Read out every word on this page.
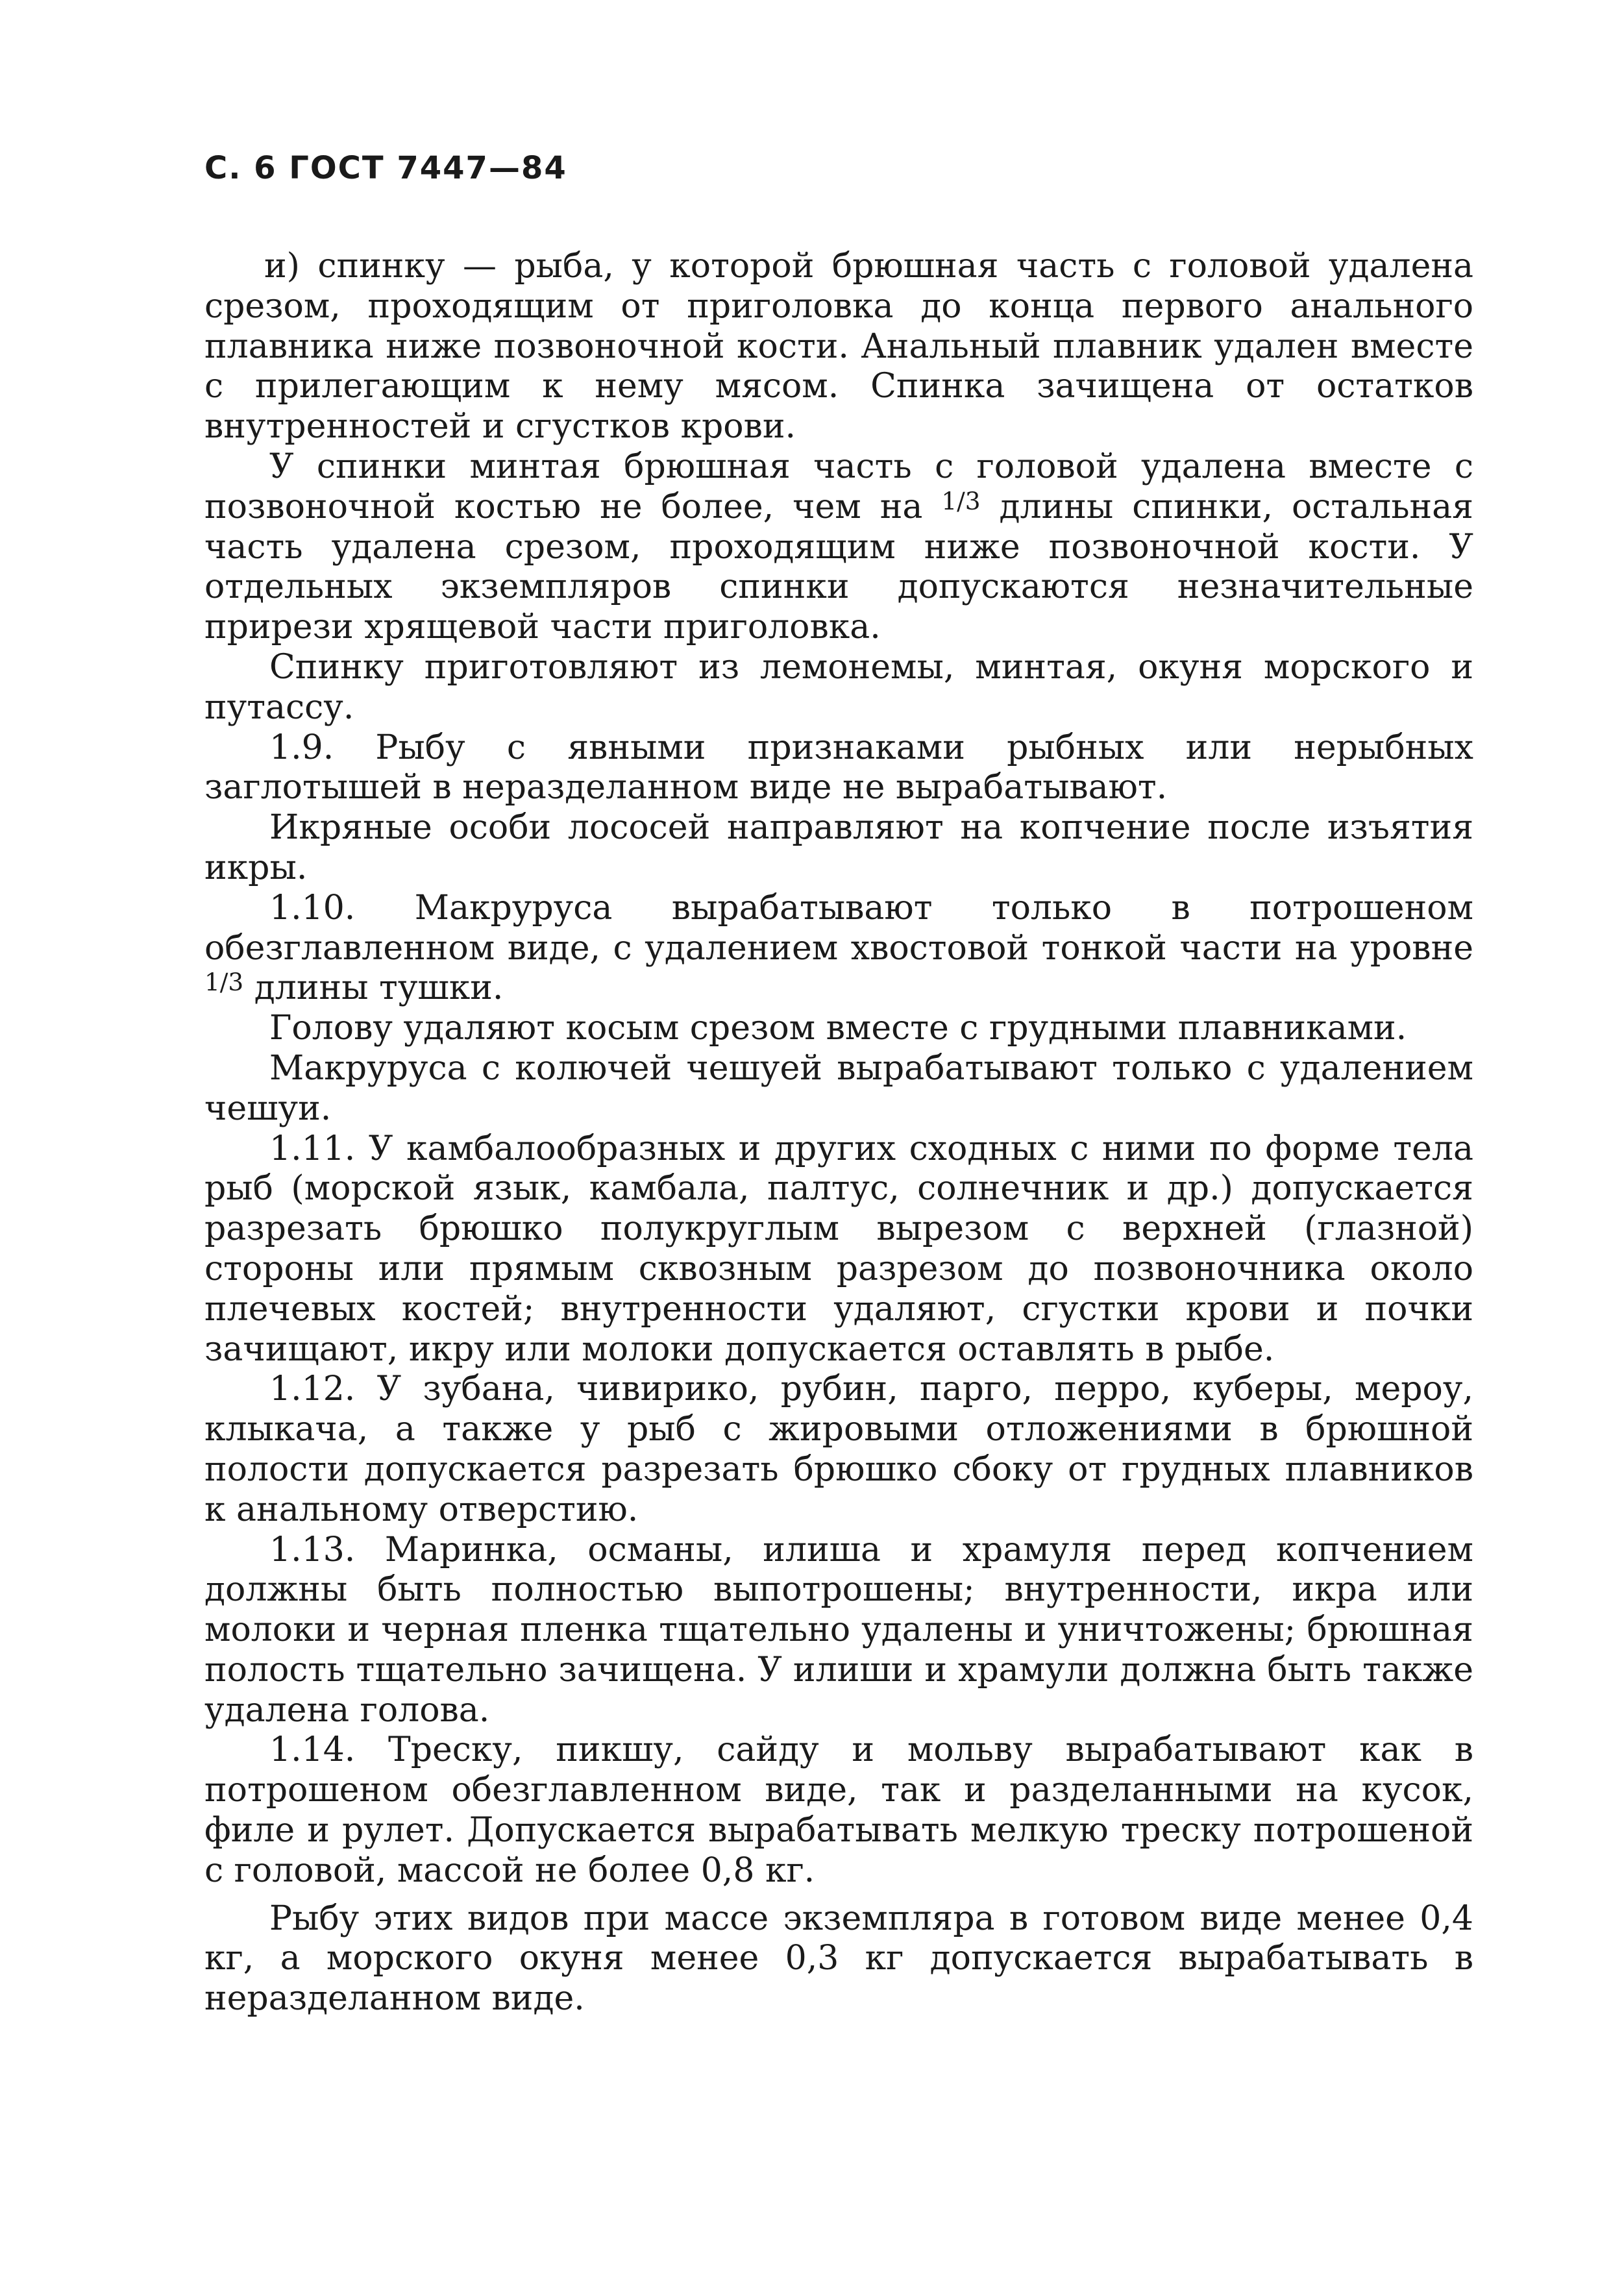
С. 6 ГОСТ 7447—84

и) спинку — рыба, у которой брюшная часть с головой удалена срезом, проходящим от приголовка до конца первого анального плавника ниже позвоночной кости. Анальный плавник удален вместе с прилегающим к нему мясом. Спинка зачищена от остатков внутренностей и сгустков крови.

У спинки минтая брюшная часть с головой удалена вместе с позвоночной костью не более, чем на $^{1/3}$ длины спинки, остальная часть удалена срезом, проходящим ниже позвоночной кости. У отдельных экземпляров спинки допускаются незначительные прирези хрящевой части приголовка.

Спинку приготовляют из лемонемы, минтая, окуня морского и путассу.

1.9. Рыбу с явными признаками рыбных или нерыбных заглотышей в неразделанном виде не вырабатывают.

Икряные особи лососей направляют на копчение после изъятия икры.

1.10. Макруруса вырабатывают только в потрошеном обезглавленном виде, с удалением хвостовой тонкой части на уровне $^{1/3}$ длины тушки.

Голову удаляют косым срезом вместе с грудными плавниками.

Макруруса с колючей чешуей вырабатывают только с удалением чешуи.

1.11. У камбалообразных и других сходных с ними по форме тела рыб (морской язык, камбала, палтус, солнечник и др.) допускается разрезать брюшко полукруглым вырезом с верхней (глазной) стороны или прямым сквозным разрезом до позвоночника около плечевых костей; внутренности удаляют, сгустки крови и почки зачищают, икру или молоки допускается оставлять в рыбе.

1.12. У зубана, чивирико, рубин, парго, перро, куберы, мероу, клыкача, а также у рыб с жировыми отложениями в брюшной полости допускается разрезать брюшко сбоку от грудных плавников к анальному отверстию.

1.13. Маринка, османы, илиша и храмуля перед копчением должны быть полностью выпотрошены; внутренности, икра или молоки и черная пленка тщательно удалены и уничтожены; брюшная полость тщательно зачищена. У илиши и храмули должна быть также удалена голова.

1.14. Треску, пикшу, сайду и мольву вырабатывают как в потрошеном обезглавленном виде, так и разделанными на кусок, филе и рулет. Допускается вырабатывать мелкую треску потрошеной с головой, массой не более 0,8 кг.

Рыбу этих видов при массе экземпляра в готовом виде менее 0,4 кг, а морского окуня менее 0,3 кг допускается вырабатывать в неразделанном виде.
